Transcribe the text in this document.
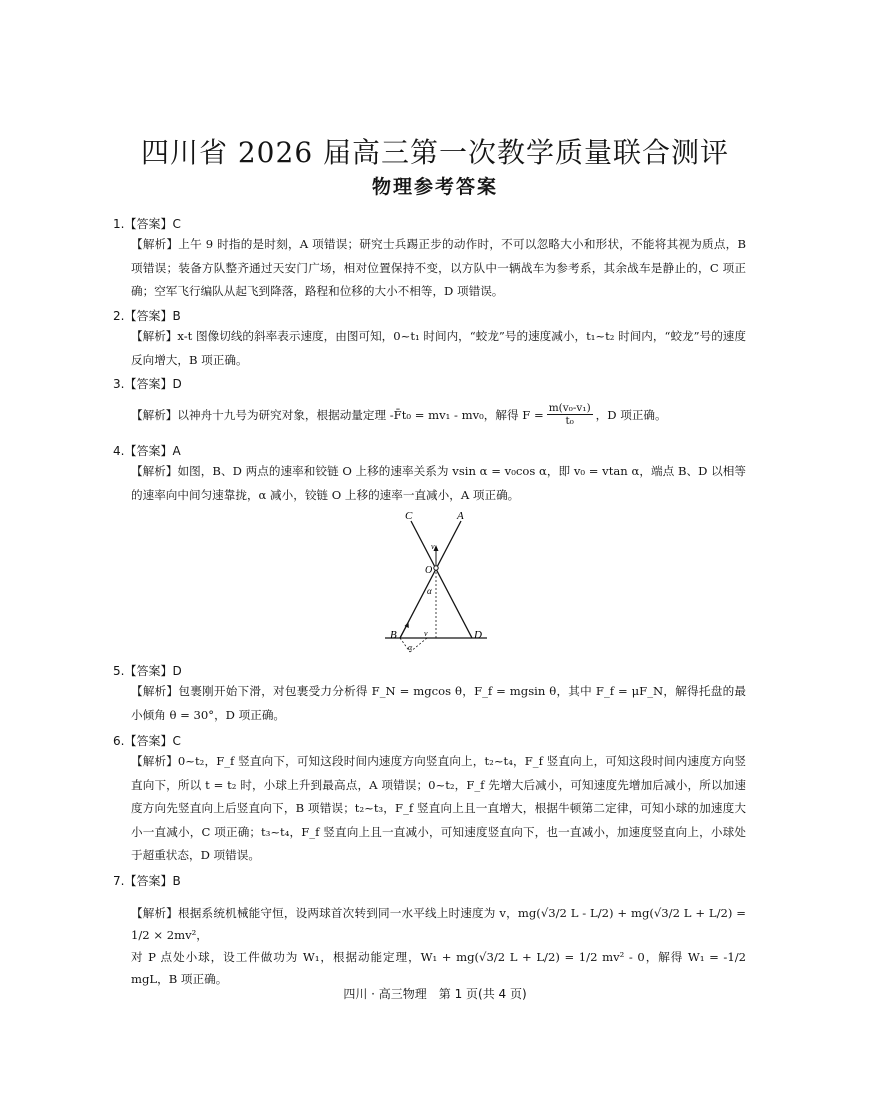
四川省 2026 届高三第一次教学质量联合测评
物理参考答案
1.【答案】C
【解析】上午 9 时指的是时刻，A 项错误；研究士兵踢正步的动作时，不可以忽略大小和形状，不能将其视为质点，B 项错误；装备方队整齐通过天安门广场，相对位置保持不变，以方队中一辆战车为参考系，其余战车是静止的，C 项正确；空军飞行编队从起飞到降落，路程和位移的大小不相等，D 项错误。
2.【答案】B
【解析】x-t 图像切线的斜率表示速度，由图可知，0~t₁ 时间内，“蛟龙”号的速度减小，t₁~t₂ 时间内，“蛟龙”号的速度反向增大，B 项正确。
3.【答案】D
【解析】以神舟十九号为研究对象，根据动量定理 -F̄t₀ = mv₁ - mv₀，解得 $F = \frac{\text{m(v₀-v₁)}}{\text{t₀}}$ ，D 项正确。
4.【答案】A
【解析】如图，B、D 两点的速率和铰链 O 上移的速率关系为 vsin α = v₀cos α，即 v₀ = vtan α，端点 B、D 以相等的速率向中间匀速靠拢，α 减小，铰链 O 上移的速率一直减小，A 项正确。
C	A
v₀
O
α
B	D
v
α
5.【答案】D
【解析】包裹刚开始下滑，对包裹受力分析得 F_N = mgcos θ，F_f = mgsin θ，其中 F_f = μF_N，解得托盘的最小倾角 θ = 30°，D 项正确。
6.【答案】C
【解析】0~t₂，F_f 竖直向下，可知这段时间内速度方向竖直向上，t₂~t₄，F_f 竖直向上，可知这段时间内速度方向竖直向下，所以 t = t₂ 时，小球上升到最高点，A 项错误；0~t₂，F_f 先增大后减小，可知速度先增加后减小，所以加速度方向先竖直向上后竖直向下，B 项错误；t₂~t₃，F_f 竖直向上且一直增大，根据牛顿第二定律，可知小球的加速度大小一直减小，C 项正确；t₃~t₄，F_f 竖直向上且一直减小，可知速度竖直向下，也一直减小，加速度竖直向上，小球处于超重状态，D 项错误。
7.【答案】B
【解析】根据系统机械能守恒，设两球首次转到同一水平线上时速度为 v，mg(√3/2 L - L/2) + mg(√3/2 L + L/2) = 1/2 × 2mv²，
对 P 点处小球，设工件做功为 W₁，根据动能定理，W₁ + mg(√3/2 L + L/2) = 1/2 mv² - 0，解得 W₁ = -1/2 mgL，B 项正确。
四川 · 高三物理　第 1 页(共 4 页)
